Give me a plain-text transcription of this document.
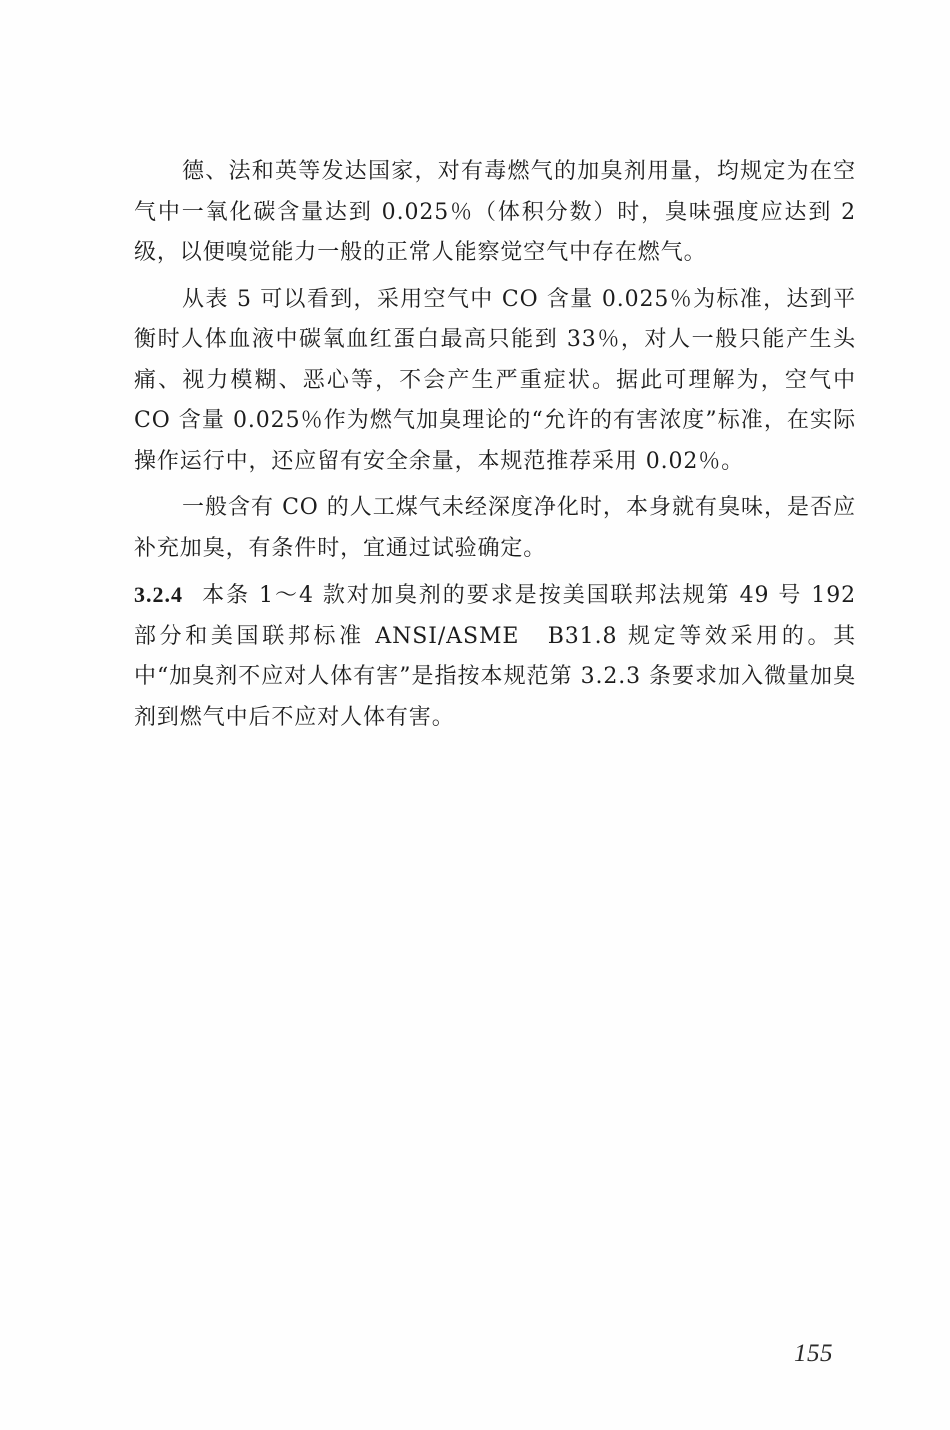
德、法和英等发达国家，对有毒燃气的加臭剂用量，均规定为在空气中一氧化碳含量达到 0.025％（体积分数）时，臭味强度应达到 2 级，以便嗅觉能力一般的正常人能察觉空气中存在燃气。

从表 5 可以看到，采用空气中 CO 含量 0.025％为标准，达到平衡时人体血液中碳氧血红蛋白最高只能到 33％，对人一般只能产生头痛、视力模糊、恶心等，不会产生严重症状。据此可理解为，空气中 CO 含量 0.025％作为燃气加臭理论的“允许的有害浓度”标准，在实际操作运行中，还应留有安全余量，本规范推荐采用 0.02％。

一般含有 CO 的人工煤气未经深度净化时，本身就有臭味，是否应补充加臭，有条件时，宜通过试验确定。

3.2.4 本条 1～4 款对加臭剂的要求是按美国联邦法规第 49 号 192 部分和美国联邦标准 ANSI/ASME　B31.8 规定等效采用的。其中“加臭剂不应对人体有害”是指按本规范第 3.2.3 条要求加入微量加臭剂到燃气中后不应对人体有害。

155
